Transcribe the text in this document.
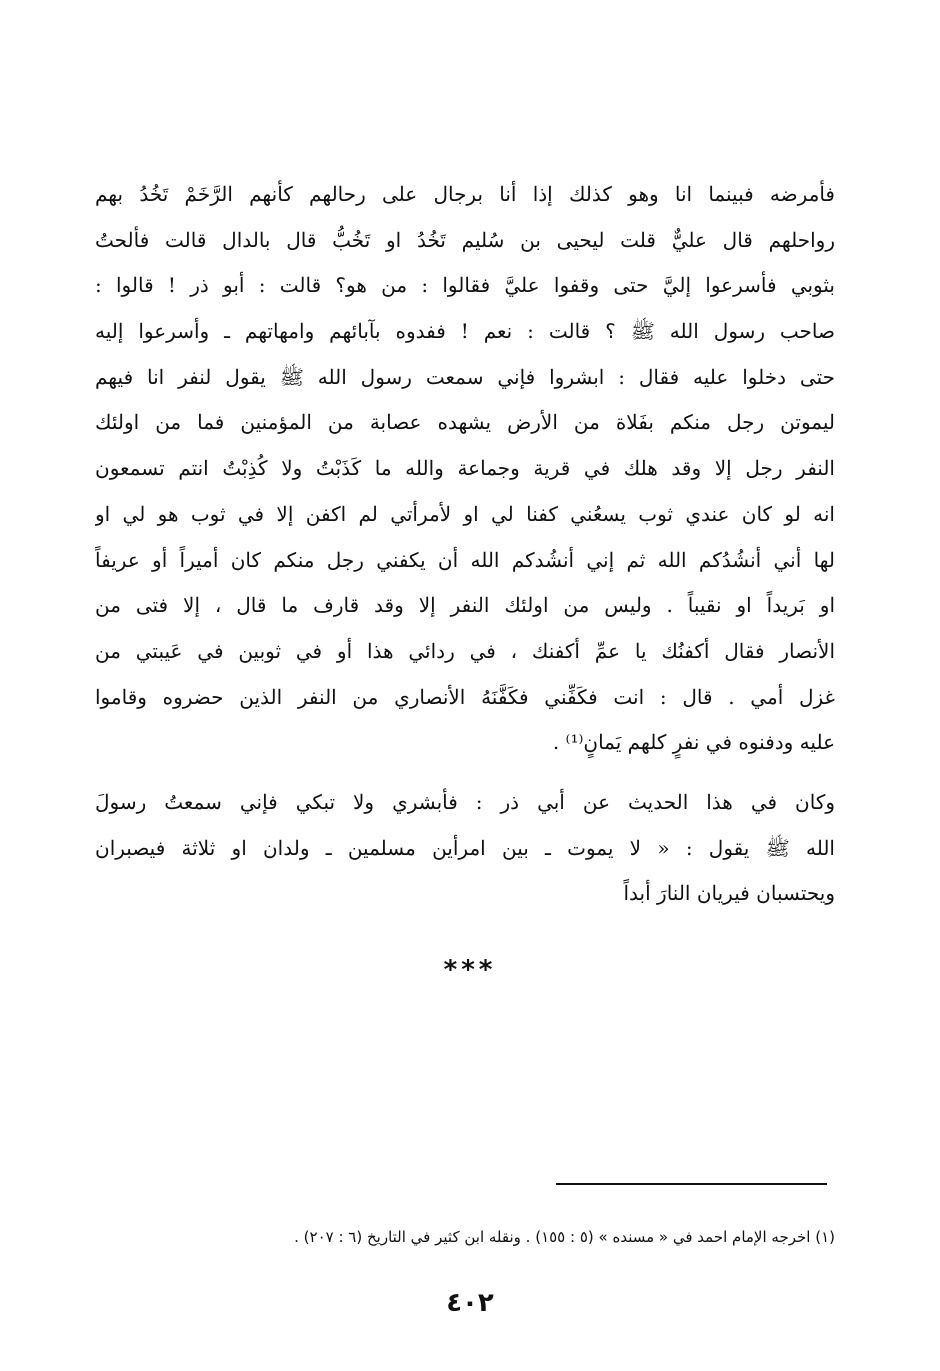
فأمرضه فبينما انا وهو كذلك إذا أنا برجال على رحالهم كأنهم الرَّخَمْ تَخُدُ بهم
رواحلهم قال عليٌّ قلت ليحيى بن سُليم تَخُدُ او تَخُبُّ قال بالدال قالت فألحتُ
بثوبي فأسرعوا إليَّ حتى وقفوا عليَّ فقالوا : من هو؟ قالت : أبو ذر ! قالوا :
صاحب رسول الله ﷺ ؟ قالت : نعم ! ففدوه بآبائهم وامهاتهم ـ وأسرعوا إليه
حتى دخلوا عليه فقال : ابشروا فإني سمعت رسول الله ﷺ يقول لنفر انا فيهم
ليموتن رجل منكم بفَلاة من الأرض يشهده عصابة من المؤمنين فما من اولئك
النفر رجل إلا وقد هلك في قرية وجماعة والله ما كَذَبْتُ ولا كُذِبْتُ انتم تسمعون
انه لو كان عندي ثوب يسعُني كفنا لي او لأمرأتي لم اكفن إلا في ثوب هو لي او
لها أني أنشُدُكم الله ثم إني أنشُدكم الله أن يكفني رجل منكم كان أميراً أو عريفاً
او بَريداً او نقيباً . وليس من اولئك النفر إلا وقد قارف ما قال ، إلا فتى من
الأنصار فقال أكفنُك يا عمِّ أكفنك ، في ردائي هذا أو في ثوبين في عَيبتي من
غزل أمي . قال : انت فكَفِّني فكَفَّنَهُ الأنصاري من النفر الذين حضروه وقاموا
عليه ودفنوه في نفرٍ كلهم يَمانٍ⁽¹⁾ .
وكان في هذا الحديث عن أبي ذر : فأبشري ولا تبكي فإني سمعتُ رسولَ
الله ﷺ يقول : « لا يموت ـ بين امرأين مسلمين ـ ولدان او ثلاثة فيصبران
ويحتسبان فيريان النارَ أبداً
***
(١) اخرجه الإمام احمد في « مسنده » (٥ : ١٥٥) . ونقله ابن كثير في التاريخ (٦ : ٢٠٧) .
٤٠٢
